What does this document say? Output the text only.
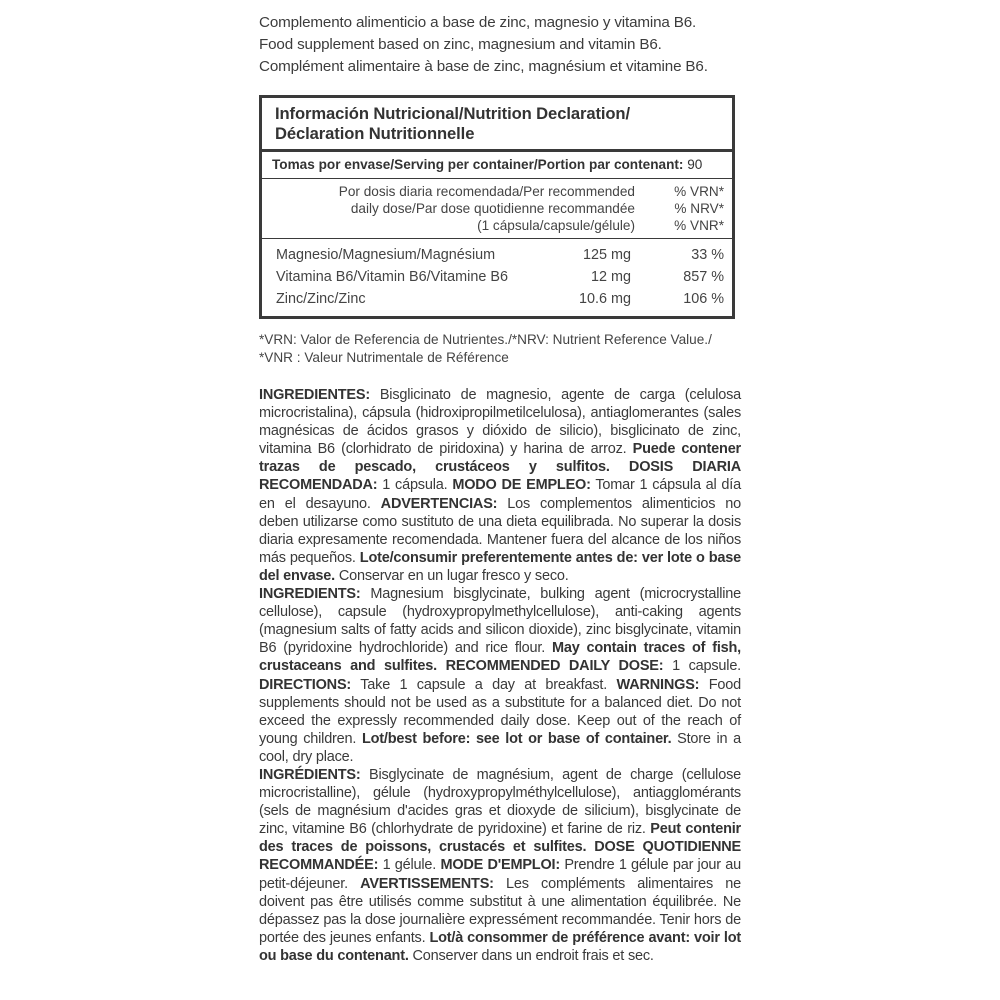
Complemento alimenticio a base de zinc, magnesio y vitamina B6.
Food supplement based on zinc, magnesium and vitamin B6.
Complément alimentaire à base de zinc, magnésium et vitamine B6.
Información Nutricional/Nutrition Declaration/
Déclaration Nutritionnelle
Tomas por envase/Serving per container/Portion par contenant: 90
Por dosis diaria recomendada/Per recommended
daily dose/Par dose quotidienne recommandée
(1 cápsula/capsule/gélule)
% VRN*
% NRV*
% VNR*
Magnesio/Magnesium/Magnésium	125 mg	33 %
Vitamina B6/Vitamin B6/Vitamine B6	12 mg	857 %
Zinc/Zinc/Zinc	10.6 mg	106 %
*VRN: Valor de Referencia de Nutrientes./*NRV: Nutrient Reference Value./
*VNR : Valeur Nutrimentale de Référence

INGREDIENTES: Bisglicinato de magnesio, agente de carga (celulosa microcristalina), cápsula (hidroxipropilmetilcelulosa), antiaglomerantes (sales magnésicas de ácidos grasos y dióxido de silicio), bisglicinato de zinc, vitamina B6 (clorhidrato de piridoxina) y harina de arroz. Puede contener trazas de pescado, crustáceos y sulfitos. DOSIS DIARIA RECOMENDADA: 1 cápsula. MODO DE EMPLEO: Tomar 1 cápsula al día en el desayuno. ADVERTENCIAS: Los complementos alimenticios no deben utilizarse como sustituto de una dieta equilibrada. No superar la dosis diaria expresamente recomendada. Mantener fuera del alcance de los niños más pequeños. Lote/consumir preferentemente antes de: ver lote o base del envase. Conservar en un lugar fresco y seco.

INGREDIENTS: Magnesium bisglycinate, bulking agent (microcrystalline cellulose), capsule (hydroxypropylmethylcellulose), anti-caking agents (magnesium salts of fatty acids and silicon dioxide), zinc bisglycinate, vitamin B6 (pyridoxine hydrochloride) and rice flour. May contain traces of fish, crustaceans and sulfites. RECOMMENDED DAILY DOSE: 1 capsule. DIRECTIONS: Take 1 capsule a day at breakfast. WARNINGS: Food supplements should not be used as a substitute for a balanced diet. Do not exceed the expressly recommended daily dose. Keep out of the reach of young children. Lot/best before: see lot or base of container. Store in a cool, dry place.

INGRÉDIENTS: Bisglycinate de magnésium, agent de charge (cellulose microcristalline), gélule (hydroxypropylméthylcellulose), antiagglomérants (sels de magnésium d'acides gras et dioxyde de silicium), bisglycinate de zinc, vitamine B6 (chlorhydrate de pyridoxine) et farine de riz. Peut contenir des traces de poissons, crustacés et sulfites. DOSE QUOTIDIENNE RECOMMANDÉE: 1 gélule. MODE D'EMPLOI: Prendre 1 gélule par jour au petit-déjeuner. AVERTISSEMENTS: Les compléments alimentaires ne doivent pas être utilisés comme substitut à une alimentation équilibrée. Ne dépassez pas la dose journalière expressément recommandée. Tenir hors de portée des jeunes enfants. Lot/à consommer de préférence avant: voir lot ou base du contenant. Conserver dans un endroit frais et sec.
